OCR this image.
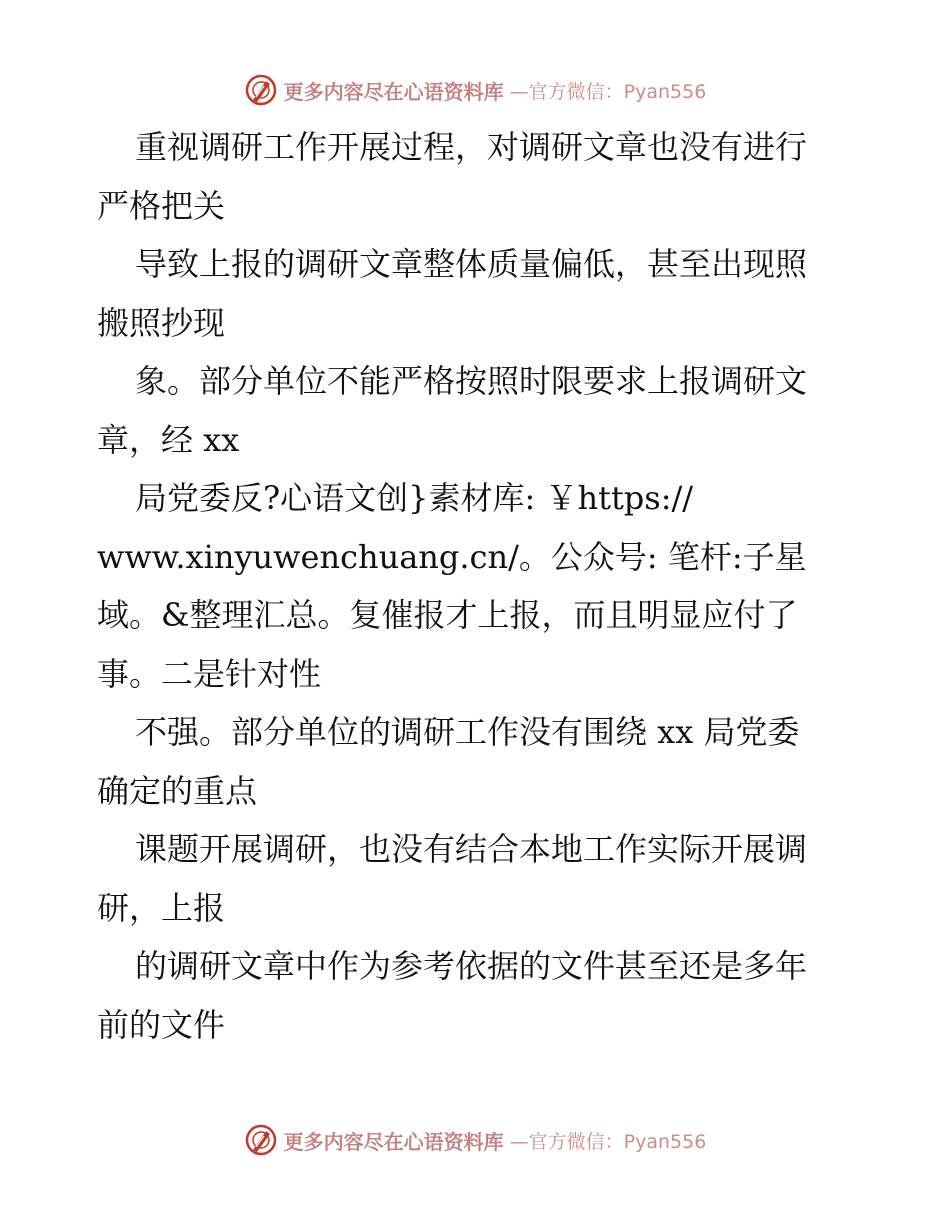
更多内容尽在心语资料库 —官方微信：Pyan556
重视调研工作开展过程，对调研文章也没有进行
严格把关
导致上报的调研文章整体质量偏低，甚至出现照
搬照抄现
象。部分单位不能严格按照时限要求上报调研文
章，经 xx
局党委反?心语文创}素材库: ￥https://
www.xinyuwenchuang.cn/。公众号: 笔杆:子星
域。&整理汇总。复催报才上报，而且明显应付了
事。二是针对性
不强。部分单位的调研工作没有围绕 xx 局党委
确定的重点
课题开展调研，也没有结合本地工作实际开展调
研，上报
的调研文章中作为参考依据的文件甚至还是多年
前的文件
更多内容尽在心语资料库 —官方微信：Pyan556
